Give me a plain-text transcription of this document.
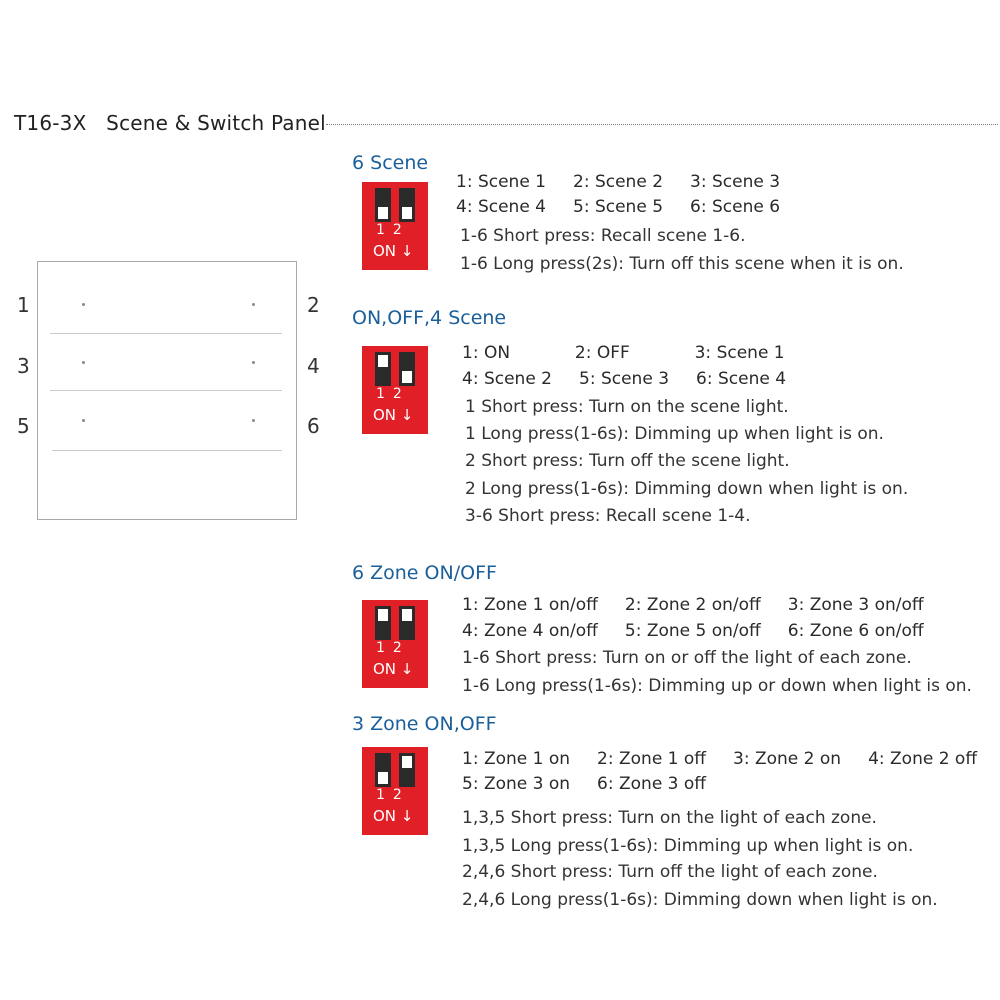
T16-3X   Scene & Switch Panel
1	2
3	4
5	6
6 Scene
12
ON ↓
1: Scene 1     2: Scene 2     3: Scene 3
4: Scene 4     5: Scene 5     6: Scene 6
1-6 Short press: Recall scene 1-6.
1-6 Long press(2s): Turn off this scene when it is on.
ON,OFF,4 Scene
12
ON ↓
1: ON            2: OFF            3: Scene 1
4: Scene 2     5: Scene 3     6: Scene 4
1 Short press: Turn on the scene light.
1 Long press(1-6s): Dimming up when light is on.
2 Short press: Turn off the scene light.
2 Long press(1-6s): Dimming down when light is on.
3-6 Short press: Recall scene 1-4.
6 Zone ON/OFF
12
ON ↓
1: Zone 1 on/off     2: Zone 2 on/off     3: Zone 3 on/off
4: Zone 4 on/off     5: Zone 5 on/off     6: Zone 6 on/off
1-6 Short press: Turn on or off the light of each zone.
1-6 Long press(1-6s): Dimming up or down when light is on.
3 Zone ON,OFF
12
ON ↓
1: Zone 1 on     2: Zone 1 off     3: Zone 2 on     4: Zone 2 off
5: Zone 3 on     6: Zone 3 off
1,3,5 Short press: Turn on the light of each zone.
1,3,5 Long press(1-6s): Dimming up when light is on.
2,4,6 Short press: Turn off the light of each zone.
2,4,6 Long press(1-6s): Dimming down when light is on.
